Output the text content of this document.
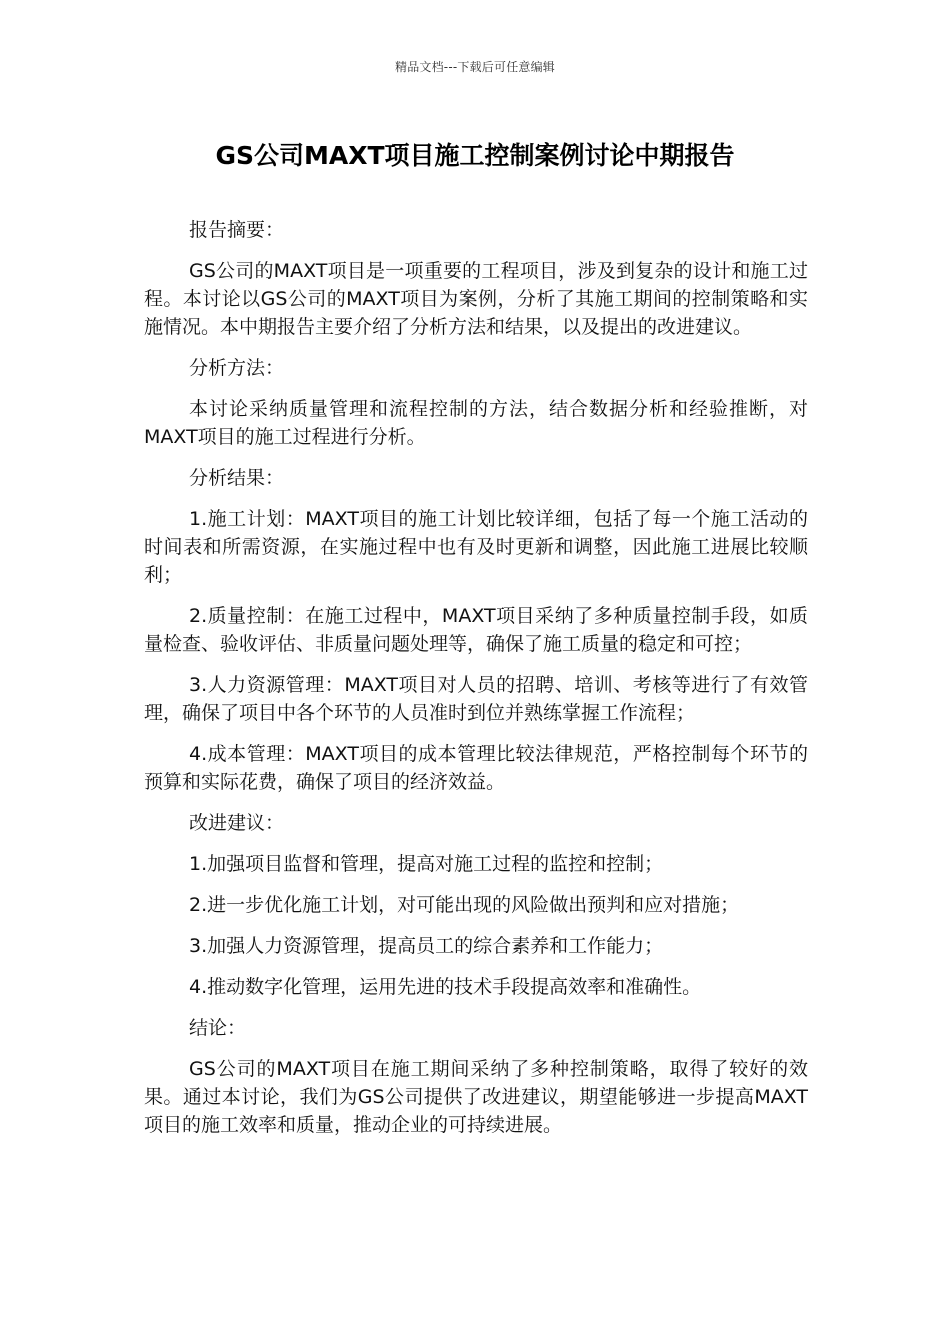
精品文档---下载后可任意编辑
GS公司MAXT项目施工控制案例讨论中期报告

报告摘要：

GS公司的MAXT项目是一项重要的工程项目，涉及到复杂的设计和施工过程。本讨论以GS公司的MAXT项目为案例，分析了其施工期间的控制策略和实施情况。本中期报告主要介绍了分析方法和结果，以及提出的改进建议。

分析方法：

本讨论采纳质量管理和流程控制的方法，结合数据分析和经验推断，对MAXT项目的施工过程进行分析。

分析结果：

1.施工计划：MAXT项目的施工计划比较详细，包括了每一个施工活动的时间表和所需资源，在实施过程中也有及时更新和调整，因此施工进展比较顺利；

2.质量控制：在施工过程中，MAXT项目采纳了多种质量控制手段，如质量检查、验收评估、非质量问题处理等，确保了施工质量的稳定和可控；

3.人力资源管理：MAXT项目对人员的招聘、培训、考核等进行了有效管理，确保了项目中各个环节的人员准时到位并熟练掌握工作流程；

4.成本管理：MAXT项目的成本管理比较法律规范，严格控制每个环节的预算和实际花费，确保了项目的经济效益。

改进建议：

1.加强项目监督和管理，提高对施工过程的监控和控制；

2.进一步优化施工计划，对可能出现的风险做出预判和应对措施；

3.加强人力资源管理，提高员工的综合素养和工作能力；

4.推动数字化管理，运用先进的技术手段提高效率和准确性。

结论：

GS公司的MAXT项目在施工期间采纳了多种控制策略，取得了较好的效果。通过本讨论，我们为GS公司提供了改进建议，期望能够进一步提高MAXT项目的施工效率和质量，推动企业的可持续进展。
